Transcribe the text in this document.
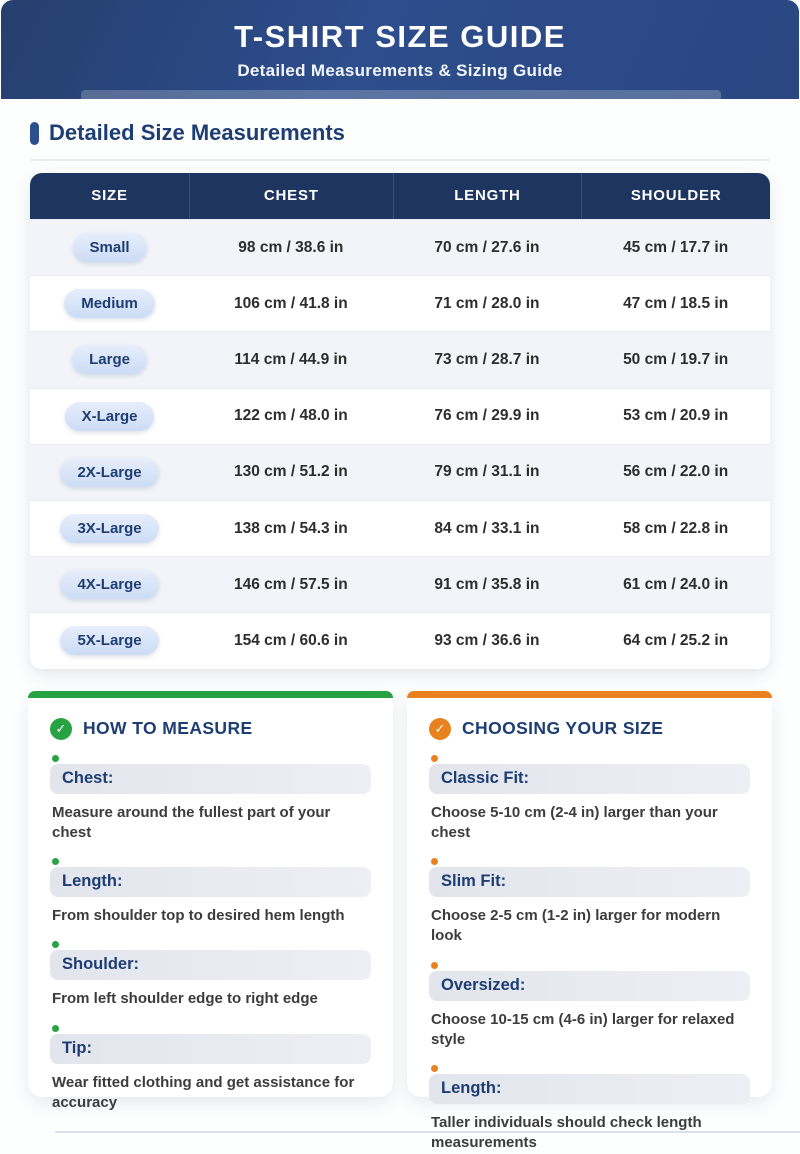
T-SHIRT SIZE GUIDE
Detailed Measurements & Sizing Guide
Detailed Size Measurements
SIZE	CHEST	LENGTH	SHOULDER
Small	98 cm / 38.6 in	70 cm / 27.6 in	45 cm / 17.7 in
Medium	106 cm / 41.8 in	71 cm / 28.0 in	47 cm / 18.5 in
Large	114 cm / 44.9 in	73 cm / 28.7 in	50 cm / 19.7 in
X-Large	122 cm / 48.0 in	76 cm / 29.9 in	53 cm / 20.9 in
2X-Large	130 cm / 51.2 in	79 cm / 31.1 in	56 cm / 22.0 in
3X-Large	138 cm / 54.3 in	84 cm / 33.1 in	58 cm / 22.8 in
4X-Large	146 cm / 57.5 in	91 cm / 35.8 in	61 cm / 24.0 in
5X-Large	154 cm / 60.6 in	93 cm / 36.6 in	64 cm / 25.2 in
✓ HOW TO MEASURE
Chest:
Measure around the fullest part of your chest
Length:
From shoulder top to desired hem length
Shoulder:
From left shoulder edge to right edge
Tip:
Wear fitted clothing and get assistance for accuracy
✓ CHOOSING YOUR SIZE
Classic Fit:
Choose 5-10 cm (2-4 in) larger than your chest
Slim Fit:
Choose 2-5 cm (1-2 in) larger for modern look
Oversized:
Choose 10-15 cm (4-6 in) larger for relaxed style
Length:
Taller individuals should check length measurements
